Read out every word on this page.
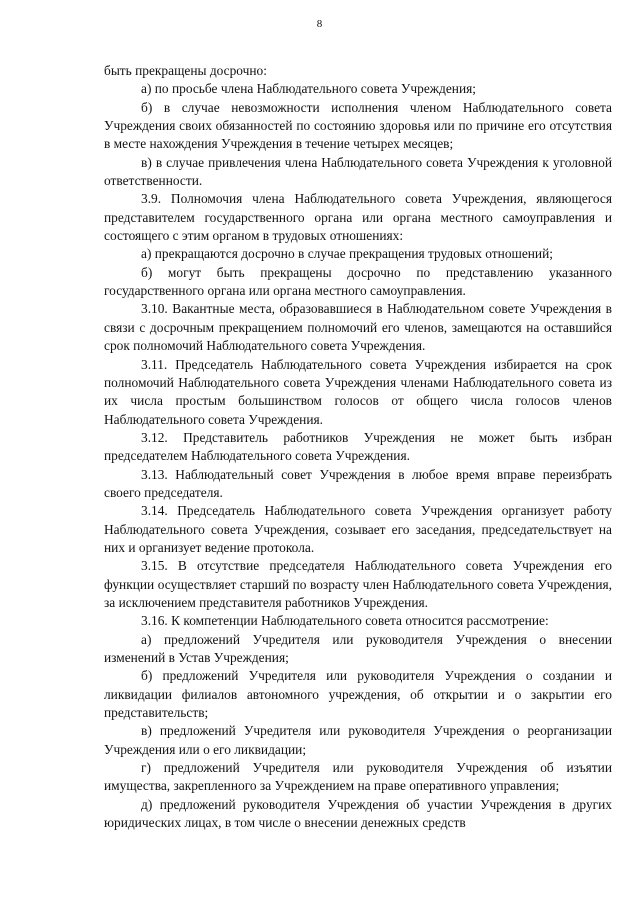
8

быть прекращены досрочно:

а) по просьбе члена Наблюдательного совета Учреждения;

б) в случае невозможности исполнения членом Наблюдательного совета Учреждения своих обязанностей по состоянию здоровья или по причине его отсутствия в месте нахождения Учреждения в течение четырех месяцев;

в) в случае привлечения члена Наблюдательного совета Учреждения к уголовной ответственности.

3.9. Полномочия члена Наблюдательного совета Учреждения, являющегося представителем государственного органа или органа местного самоуправления и состоящего с этим органом в трудовых отношениях:

а) прекращаются досрочно в случае прекращения трудовых отношений;

б) могут быть прекращены досрочно по представлению указанного государственного органа или органа местного самоуправления.

3.10. Вакантные места, образовавшиеся в Наблюдательном совете Учреждения в связи с досрочным прекращением полномочий его членов, замещаются на оставшийся срок полномочий Наблюдательного совета Учреждения.

3.11. Председатель Наблюдательного совета Учреждения избирается на срок полномочий Наблюдательного совета Учреждения членами Наблюдательного совета из их числа простым большинством голосов от общего числа голосов членов Наблюдательного совета Учреждения.

3.12. Представитель работников Учреждения не может быть избран председателем Наблюдательного совета Учреждения.

3.13. Наблюдательный совет Учреждения в любое время вправе переизбрать своего председателя.

3.14. Председатель Наблюдательного совета Учреждения организует работу Наблюдательного совета Учреждения, созывает его заседания, председательствует на них и организует ведение протокола.

3.15. В отсутствие председателя Наблюдательного совета Учреждения его функции осуществляет старший по возрасту член Наблюдательного совета Учреждения, за исключением представителя работников Учреждения.

3.16. К компетенции Наблюдательного совета относится рассмотрение:

а) предложений Учредителя или руководителя Учреждения о внесении изменений в Устав Учреждения;

б) предложений Учредителя или руководителя Учреждения о создании и ликвидации филиалов автономного учреждения, об открытии и о закрытии его представительств;

в) предложений Учредителя или руководителя Учреждения о реорганизации Учреждения или о его ликвидации;

г) предложений Учредителя или руководителя Учреждения об изъятии имущества, закрепленного за Учреждением на праве оперативного управления;

д) предложений руководителя Учреждения об участии Учреждения в других юридических лицах, в том числе о внесении денежных средств
